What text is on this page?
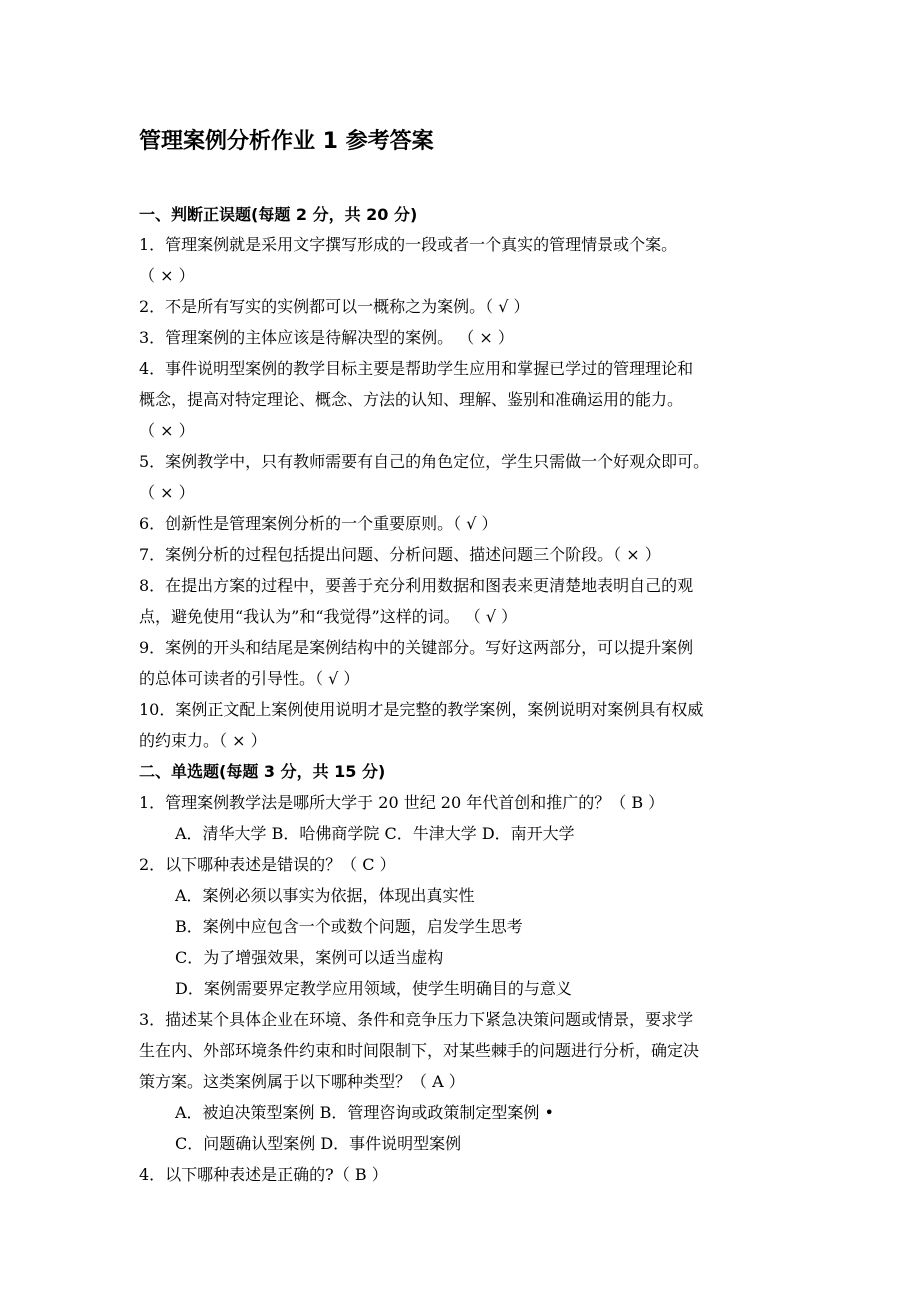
管理案例分析作业 1 参考答案
一、判断正误题(每题 2 分，共 20 分)
1．管理案例就是采用文字撰写形成的一段或者一个真实的管理情景或个案。
（ × ）
2．不是所有写实的实例都可以一概称之为案例。（ √ ）
3．管理案例的主体应该是待解决型的案例。 （ × ）
4．事件说明型案例的教学目标主要是帮助学生应用和掌握已学过的管理理论和
概念，提高对特定理论、概念、方法的认知、理解、鉴别和准确运用的能力。
（ × ）
5．案例教学中，只有教师需要有自己的角色定位，学生只需做一个好观众即可。
（ × ）
6．创新性是管理案例分析的一个重要原则。（ √ ）
7．案例分析的过程包括提出问题、分析问题、描述问题三个阶段。（ × ）
8．在提出方案的过程中，要善于充分利用数据和图表来更清楚地表明自己的观
点，避免使用“我认为”和“我觉得”这样的词。 （ √ ）
9．案例的开头和结尾是案例结构中的关键部分。写好这两部分，可以提升案例
的总体可读者的引导性。（ √ ）
10．案例正文配上案例使用说明才是完整的教学案例，案例说明对案例具有权威
的约束力。（ × ）
二、单选题(每题 3 分，共 15 分)
1．管理案例教学法是哪所大学于 20 世纪 20 年代首创和推广的？（ B ）
A．清华大学 B．哈佛商学院 C．牛津大学 D．南开大学
2．以下哪种表述是错误的？（ C ）
A．案例必须以事实为依据，体现出真实性
B．案例中应包含一个或数个问题，启发学生思考
C．为了增强效果，案例可以适当虚构
D．案例需要界定教学应用领域，使学生明确目的与意义
3．描述某个具体企业在环境、条件和竞争压力下紧急决策问题或情景，要求学
生在内、外部环境条件约束和时间限制下，对某些棘手的问题进行分析，确定决
策方案。这类案例属于以下哪种类型？（ A ）
A．被迫决策型案例 B．管理咨询或政策制定型案例 •
C．问题确认型案例 D．事件说明型案例
4．以下哪种表述是正确的?（ B ）
